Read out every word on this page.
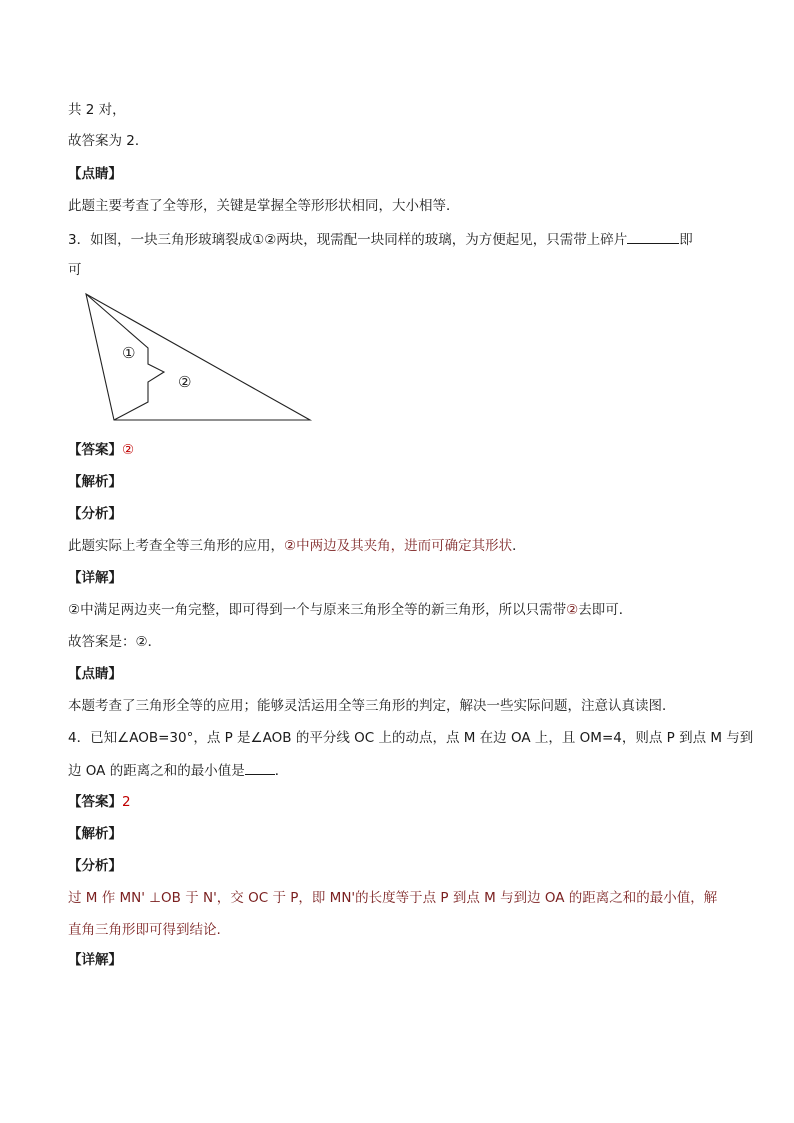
共 2 对，
故答案为 2．
【点睛】
此题主要考查了全等形，关键是掌握全等形形状相同，大小相等．
3．如图，一块三角形玻璃裂成①②两块，现需配一块同样的玻璃，为方便起见，只需带上碎片	即
可
①
②
【答案】②
【解析】
【分析】
此题实际上考查全等三角形的应用，②中两边及其夹角，进而可确定其形状．
【详解】
②中满足两边夹一角完整，即可得到一个与原来三角形全等的新三角形，所以只需带②去即可．
故答案是：②．
【点睛】
本题考查了三角形全等的应用；能够灵活运用全等三角形的判定，解决一些实际问题，注意认真读图．
4．已知∠AOB=30°，点 P 是∠AOB 的平分线 OC 上的动点，点 M 在边 OA 上，且 OM=4，则点 P 到点 M 与到
边 OA 的距离之和的最小值是 ．
【答案】2
【解析】
【分析】
过 M 作 MN' ⊥OB 于 N'，交 OC 于 P，即 MN'的长度等于点 P 到点 M 与到边 OA 的距离之和的最小值，解
直角三角形即可得到结论.
【详解】
